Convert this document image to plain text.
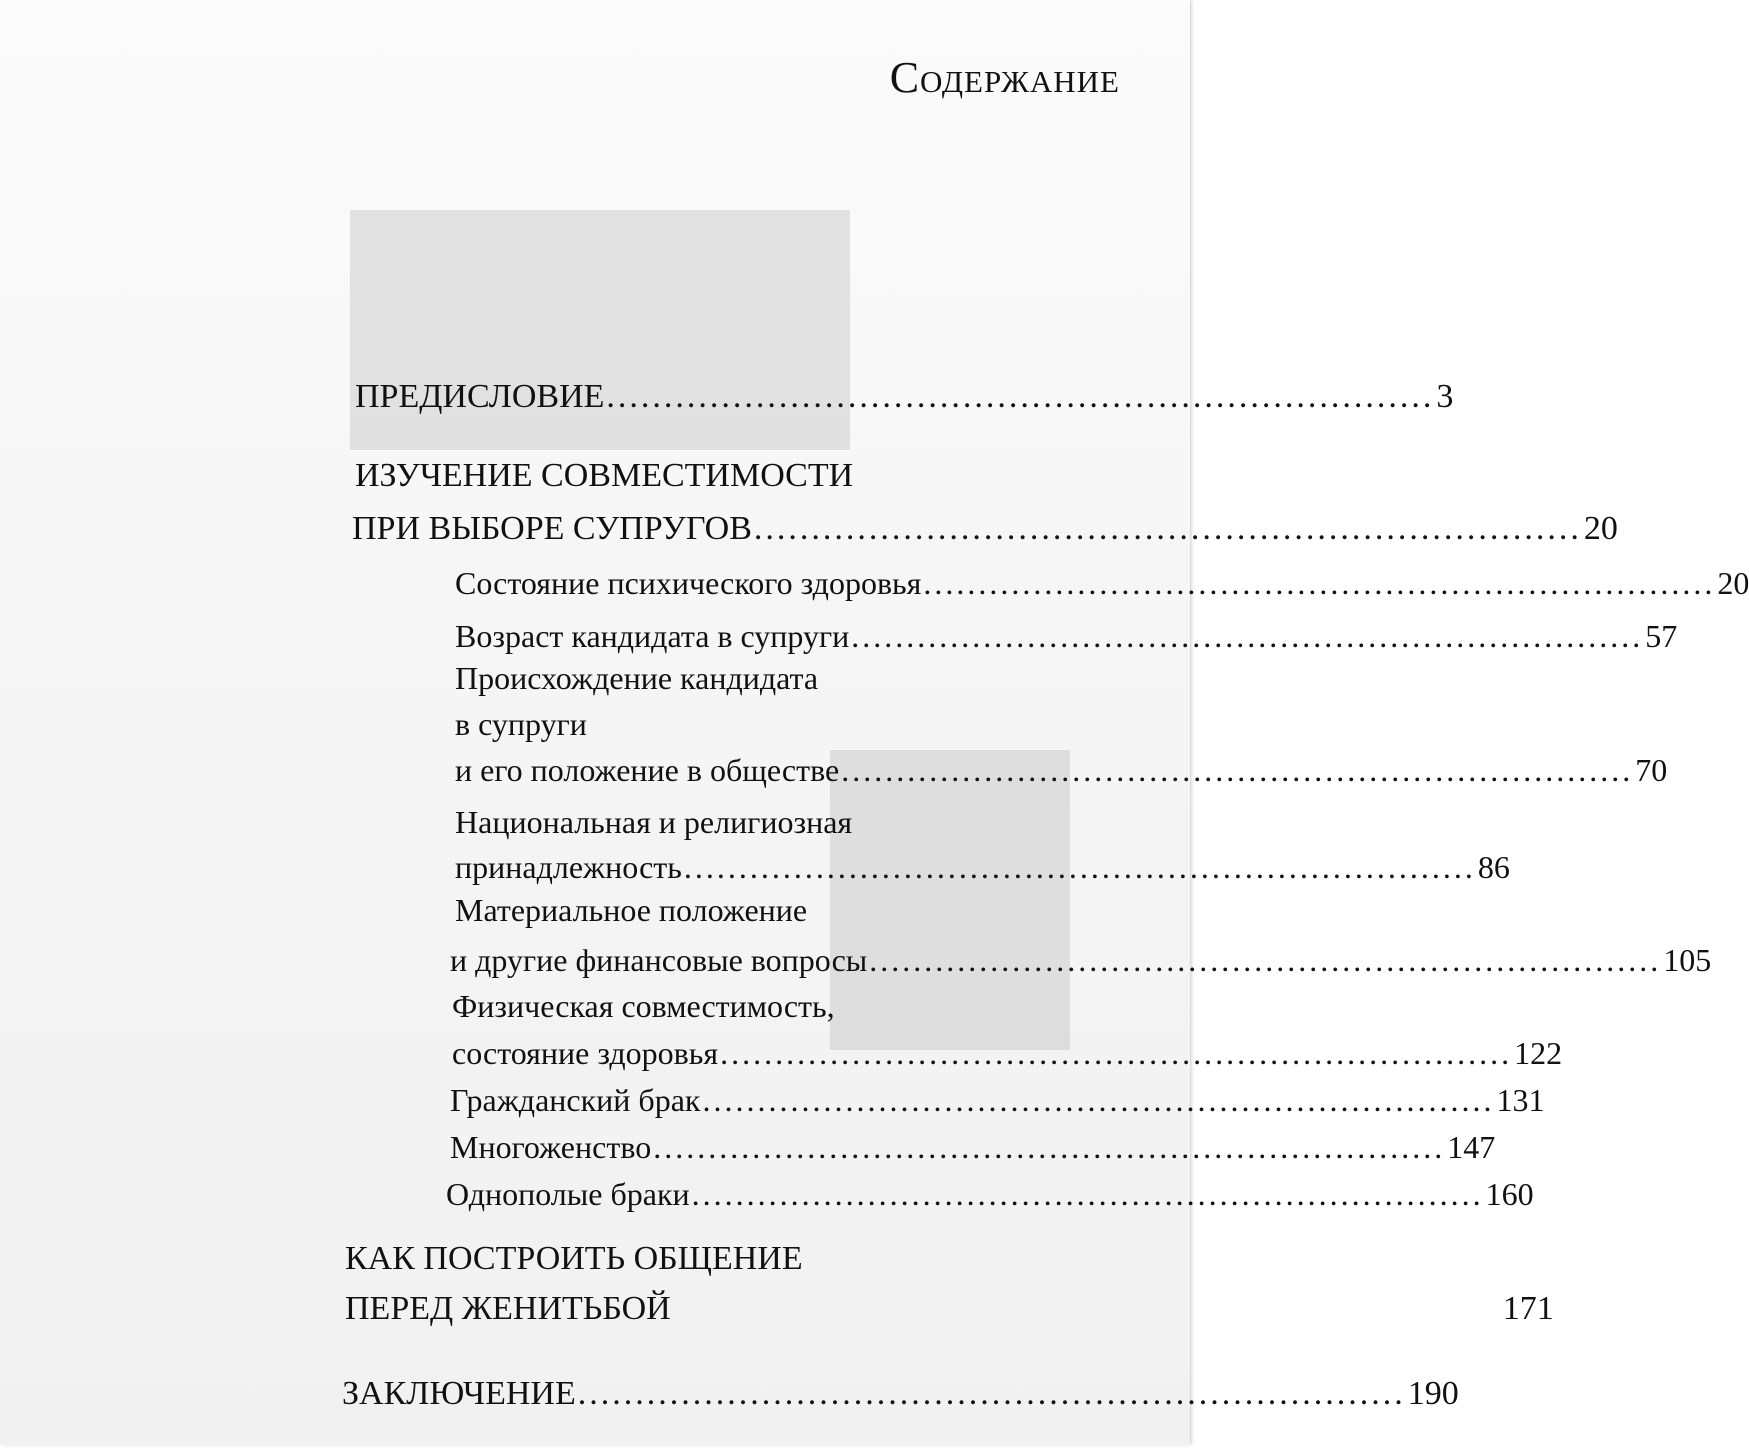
Содержание
ПРЕДИСЛОВИЕ ........................................................................ 3
ИЗУЧЕНИЕ СОВМЕСТИМОСТИ
ПРИ ВЫБОРЕ СУПРУГОВ ........................................................................ 20
Состояние психического здоровья ........................................................................ 20
Возраст кандидата в супруги ........................................................................ 57
Происхождение кандидата
в супруги
и его положение в обществе ........................................................................ 70
Национальная и религиозная
принадлежность ........................................................................ 86
Материальное положение
и другие финансовые вопросы ........................................................................ 105
Физическая совместимость,
состояние здоровья ........................................................................ 122
Гражданский брак ........................................................................ 131
Многоженство ........................................................................ 147
Однополые браки ........................................................................ 160
КАК ПОСТРОИТЬ ОБЩЕНИЕ
ПЕРЕД ЖЕНИТЬБОЙ	171
ЗАКЛЮЧЕНИЕ ........................................................................ 190
